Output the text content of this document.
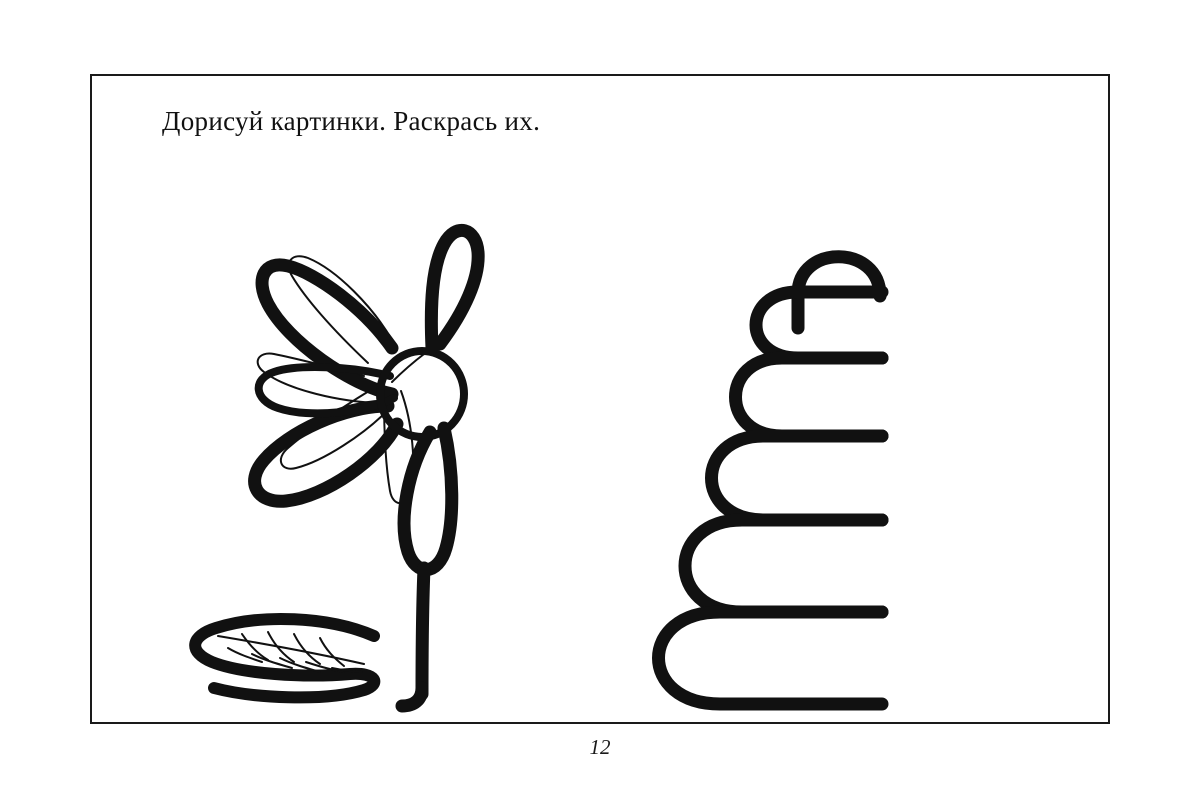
Дорисуй картинки. Раскрась их.
12
